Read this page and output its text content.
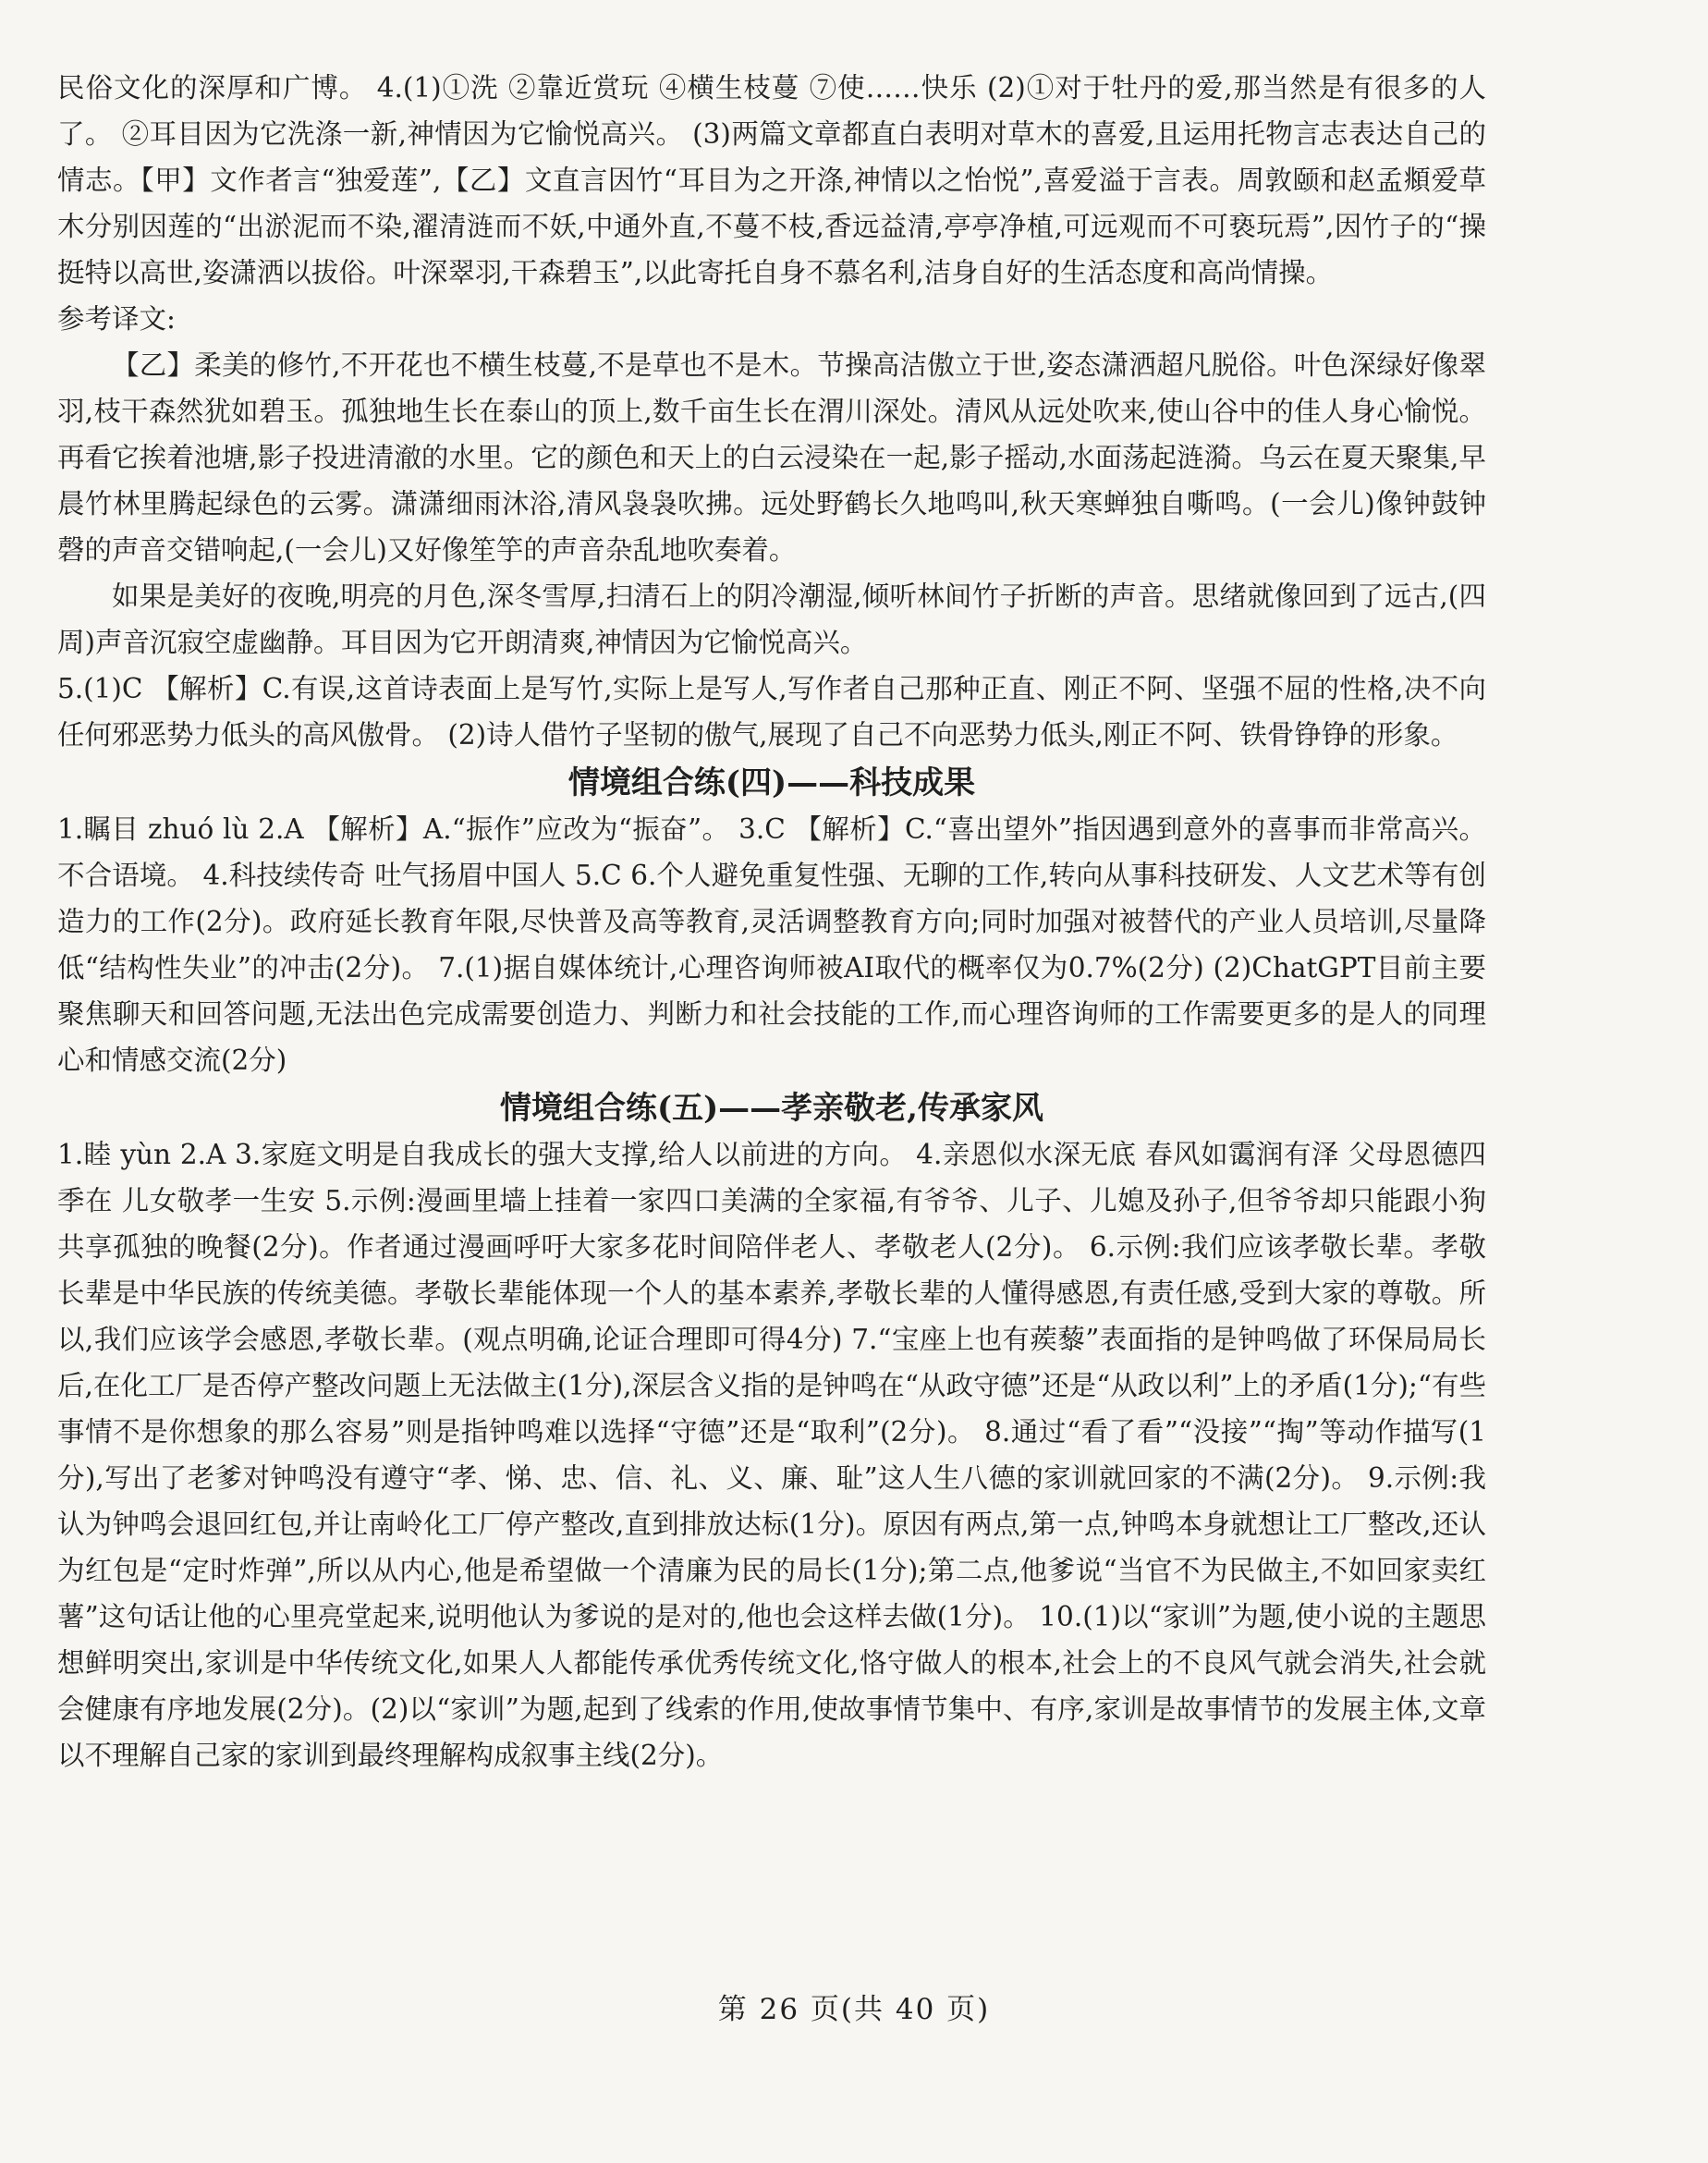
民俗文化的深厚和广博。 4.(1)①洗 ②靠近赏玩 ④横生枝蔓 ⑦使……快乐 (2)①对于牡丹的爱,那当然是有很多的人了。 ②耳目因为它洗涤一新,神情因为它愉悦高兴。 (3)两篇文章都直白表明对草木的喜爱,且运用托物言志表达自己的情志。【甲】文作者言“独爱莲”,【乙】文直言因竹“耳目为之开涤,神情以之怡悦”,喜爱溢于言表。周敦颐和赵孟頫爱草木分别因莲的“出淤泥而不染,濯清涟而不妖,中通外直,不蔓不枝,香远益清,亭亭净植,可远观而不可亵玩焉”,因竹子的“操挺特以高世,姿潇洒以拔俗。叶深翠羽,干森碧玉”,以此寄托自身不慕名利,洁身自好的生活态度和高尚情操。

参考译文:

【乙】柔美的修竹,不开花也不横生枝蔓,不是草也不是木。节操高洁傲立于世,姿态潇洒超凡脱俗。叶色深绿好像翠羽,枝干森然犹如碧玉。孤独地生长在泰山的顶上,数千亩生长在渭川深处。清风从远处吹来,使山谷中的佳人身心愉悦。再看它挨着池塘,影子投进清澈的水里。它的颜色和天上的白云浸染在一起,影子摇动,水面荡起涟漪。乌云在夏天聚集,早晨竹林里腾起绿色的云雾。潇潇细雨沐浴,清风袅袅吹拂。远处野鹤长久地鸣叫,秋天寒蝉独自嘶鸣。(一会儿)像钟鼓钟磬的声音交错响起,(一会儿)又好像笙竽的声音杂乱地吹奏着。

如果是美好的夜晚,明亮的月色,深冬雪厚,扫清石上的阴冷潮湿,倾听林间竹子折断的声音。思绪就像回到了远古,(四周)声音沉寂空虚幽静。耳目因为它开朗清爽,神情因为它愉悦高兴。

5.(1)C 【解析】C.有误,这首诗表面上是写竹,实际上是写人,写作者自己那种正直、刚正不阿、坚强不屈的性格,决不向任何邪恶势力低头的高风傲骨。 (2)诗人借竹子坚韧的傲气,展现了自己不向恶势力低头,刚正不阿、铁骨铮铮的形象。

情境组合练(四)——科技成果

1.瞩目 zhuó lù 2.A 【解析】A.“振作”应改为“振奋”。 3.C 【解析】C.“喜出望外”指因遇到意外的喜事而非常高兴。不合语境。 4.科技续传奇 吐气扬眉中国人 5.C 6.个人避免重复性强、无聊的工作,转向从事科技研发、人文艺术等有创造力的工作(2分)。政府延长教育年限,尽快普及高等教育,灵活调整教育方向;同时加强对被替代的产业人员培训,尽量降低“结构性失业”的冲击(2分)。 7.(1)据自媒体统计,心理咨询师被AI取代的概率仅为0.7%(2分) (2)ChatGPT目前主要聚焦聊天和回答问题,无法出色完成需要创造力、判断力和社会技能的工作,而心理咨询师的工作需要更多的是人的同理心和情感交流(2分)

情境组合练(五)——孝亲敬老,传承家风

1.睦 yùn 2.A 3.家庭文明是自我成长的强大支撑,给人以前进的方向。 4.亲恩似水深无底 春风如霭润有泽 父母恩德四季在 儿女敬孝一生安 5.示例:漫画里墙上挂着一家四口美满的全家福,有爷爷、儿子、儿媳及孙子,但爷爷却只能跟小狗共享孤独的晚餐(2分)。作者通过漫画呼吁大家多花时间陪伴老人、孝敬老人(2分)。 6.示例:我们应该孝敬长辈。孝敬长辈是中华民族的传统美德。孝敬长辈能体现一个人的基本素养,孝敬长辈的人懂得感恩,有责任感,受到大家的尊敬。所以,我们应该学会感恩,孝敬长辈。(观点明确,论证合理即可得4分) 7.“宝座上也有蒺藜”表面指的是钟鸣做了环保局局长后,在化工厂是否停产整改问题上无法做主(1分),深层含义指的是钟鸣在“从政守德”还是“从政以利”上的矛盾(1分);“有些事情不是你想象的那么容易”则是指钟鸣难以选择“守德”还是“取利”(2分)。 8.通过“看了看”“没接”“掏”等动作描写(1分),写出了老爹对钟鸣没有遵守“孝、悌、忠、信、礼、义、廉、耻”这人生八德的家训就回家的不满(2分)。 9.示例:我认为钟鸣会退回红包,并让南岭化工厂停产整改,直到排放达标(1分)。原因有两点,第一点,钟鸣本身就想让工厂整改,还认为红包是“定时炸弹”,所以从内心,他是希望做一个清廉为民的局长(1分);第二点,他爹说“当官不为民做主,不如回家卖红薯”这句话让他的心里亮堂起来,说明他认为爹说的是对的,他也会这样去做(1分)。 10.(1)以“家训”为题,使小说的主题思想鲜明突出,家训是中华传统文化,如果人人都能传承优秀传统文化,恪守做人的根本,社会上的不良风气就会消失,社会就会健康有序地发展(2分)。(2)以“家训”为题,起到了线索的作用,使故事情节集中、有序,家训是故事情节的发展主体,文章以不理解自己家的家训到最终理解构成叙事主线(2分)。

第 26 页(共 40 页)
